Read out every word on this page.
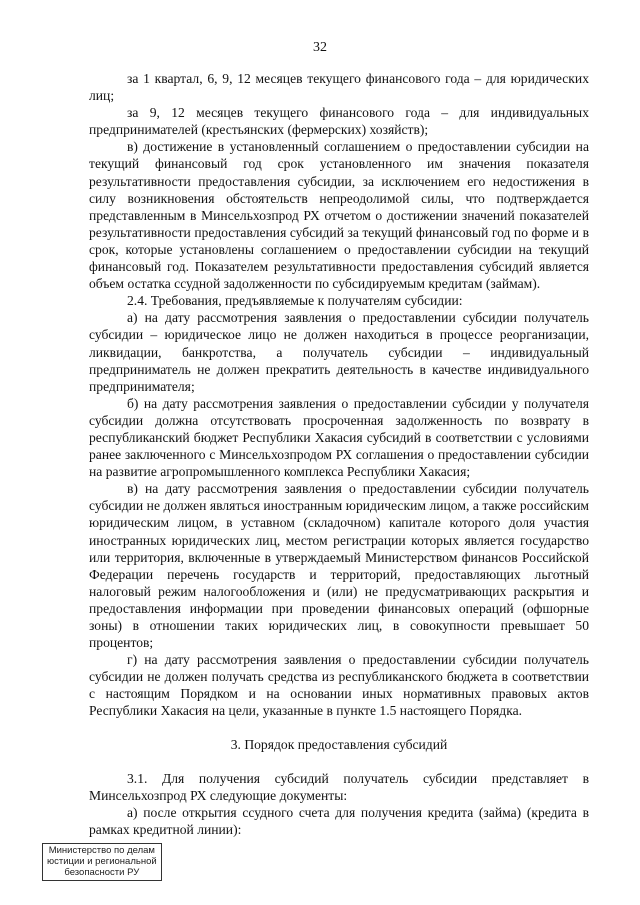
32

за 1 квартал, 6, 9, 12 месяцев текущего финансового года – для юридических лиц;

за 9, 12 месяцев текущего финансового года – для индивидуальных предпринимателей (крестьянских (фермерских) хозяйств);

в) достижение в установленный соглашением о предоставлении субсидии на текущий финансовый год срок установленного им значения показателя результативности предоставления субсидии, за исключением его недостижения в силу возникновения обстоятельств непреодолимой силы, что подтверждается представленным в Минсельхозпрод РХ отчетом о достижении значений показателей результативности предоставления субсидий за текущий финансовый год по форме и в срок, которые установлены соглашением о предоставлении субсидии на текущий финансовый год. Показателем результативности предоставления субсидий является объем остатка ссудной задолженности по субсидируемым кредитам (займам).

2.4. Требования, предъявляемые к получателям субсидии:

а) на дату рассмотрения заявления о предоставлении субсидии получатель субсидии – юридическое лицо не должен находиться в процессе реорганизации, ликвидации, банкротства, а получатель субсидии – индивидуальный предприниматель не должен прекратить деятельность в качестве индивидуального предпринимателя;

б) на дату рассмотрения заявления о предоставлении субсидии у получателя субсидии должна отсутствовать просроченная задолженность по возврату в республиканский бюджет Республики Хакасия субсидий в соответствии с условиями ранее заключенного с Минсельхозпродом РХ соглашения о предоставлении субсидии на развитие агропромышленного комплекса Республики Хакасия;

в) на дату рассмотрения заявления о предоставлении субсидии получатель субсидии не должен являться иностранным юридическим лицом, а также российским юридическим лицом, в уставном (складочном) капитале которого доля участия иностранных юридических лиц, местом регистрации которых является государство или территория, включенные в утверждаемый Министерством финансов Российской Федерации перечень государств и территорий, предоставляющих льготный налоговый режим налогообложения и (или) не предусматривающих раскрытия и предоставления информации при проведении финансовых операций (офшорные зоны) в отношении таких юридических лиц, в совокупности превышает 50 процентов;

г) на дату рассмотрения заявления о предоставлении субсидии получатель субсидии не должен получать средства из республиканского бюджета в соответствии с настоящим Порядком и на основании иных нормативных правовых актов Республики Хакасия на цели, указанные в пункте 1.5 настоящего Порядка.

3. Порядок предоставления субсидий

3.1. Для получения субсидий получатель субсидии представляет в Минсельхозпрод РХ следующие документы:

а) после открытия ссудного счета для получения кредита (займа) (кредита в рамках кредитной линии):

Министерство по делам
юстиции и региональной
безопасности РУ
